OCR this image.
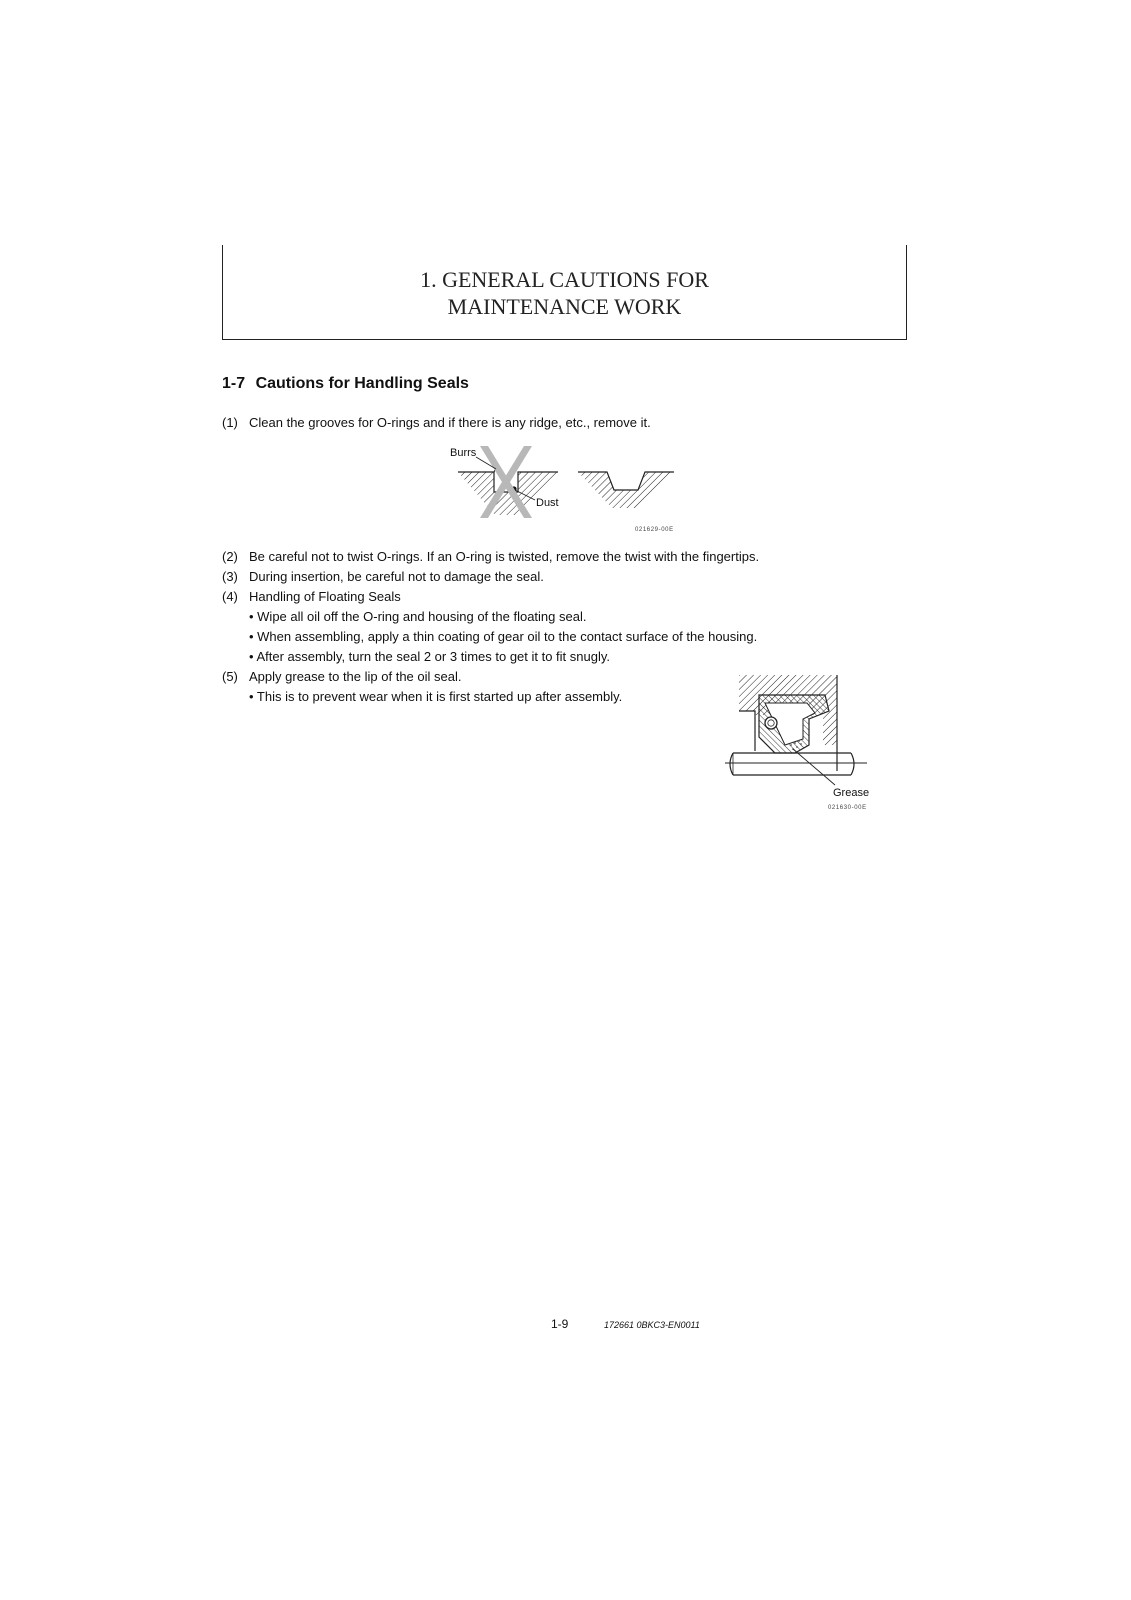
1. GENERAL CAUTIONS FOR
MAINTENANCE WORK
1-7 Cautions for Handling Seals
(1) Clean the grooves for O-rings and if there is any ridge, etc., remove it.
Burrs
Dust
021629-00E
(2) Be careful not to twist O-rings. If an O-ring is twisted, remove the twist with the fingertips.
(3) During insertion, be careful not to damage the seal.
(4) Handling of Floating Seals
• Wipe all oil off the O-ring and housing of the floating seal.
• When assembling, apply a thin coating of gear oil to the contact surface of the housing.
• After assembly, turn the seal 2 or 3 times to get it to fit snugly.
(5) Apply grease to the lip of the oil seal.
• This is to prevent wear when it is first started up after assembly.
Grease
021630-00E
1-9	172661 0BKC3-EN0011
